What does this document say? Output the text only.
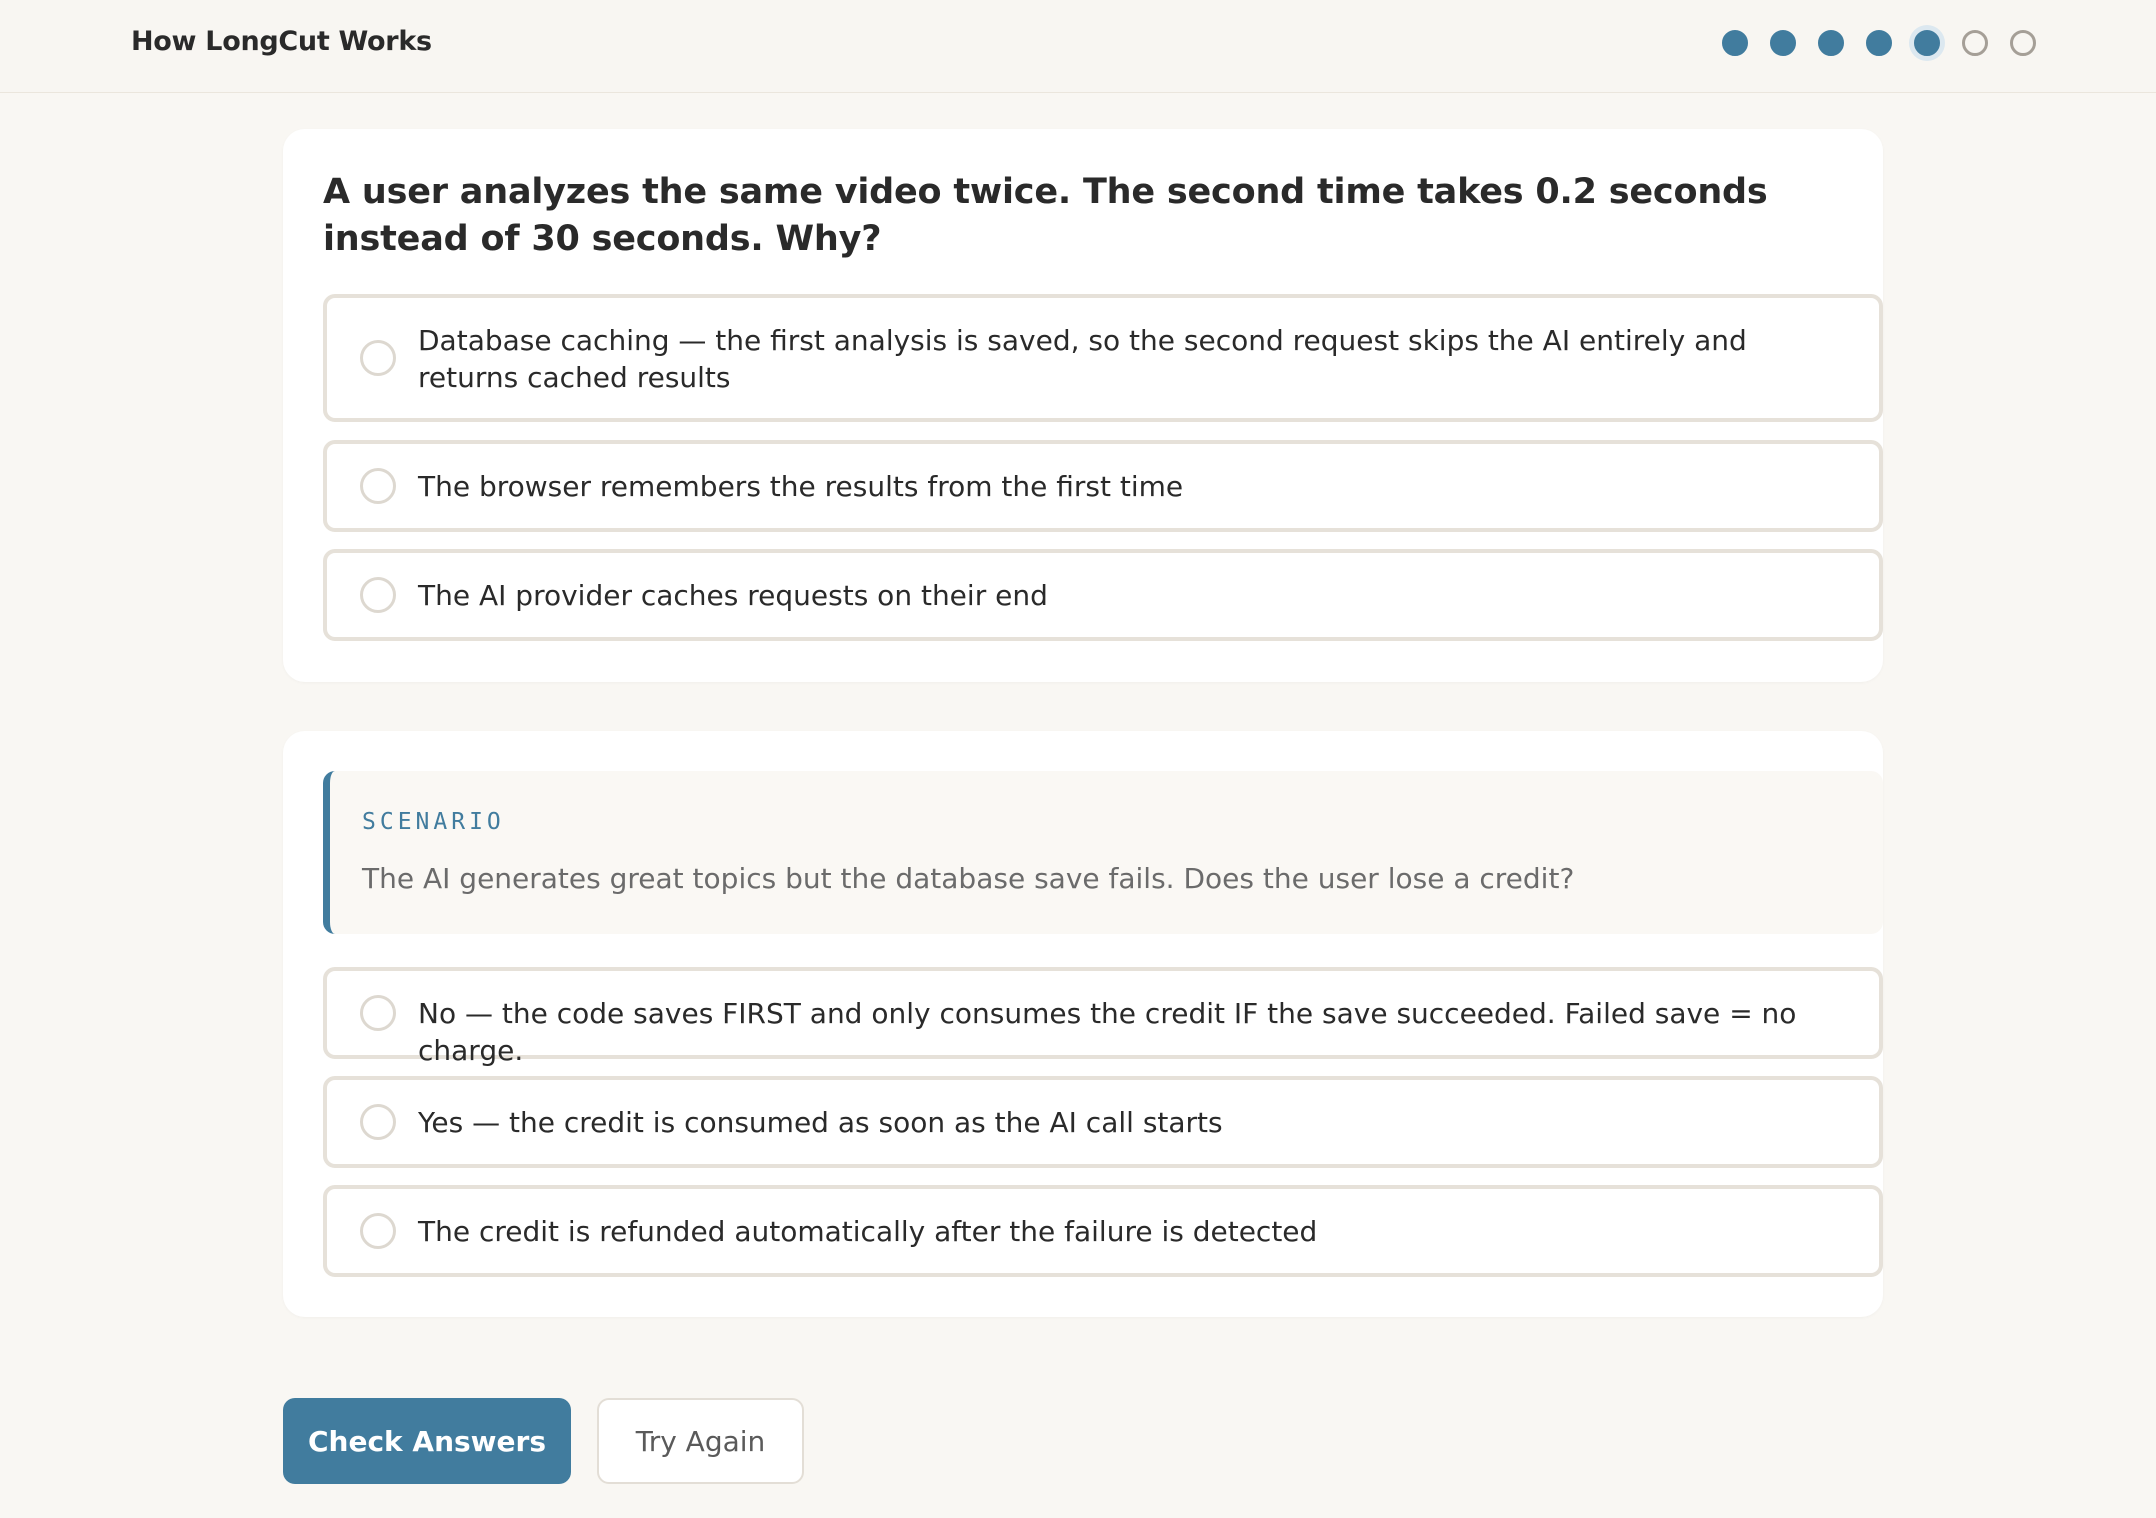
How LongCut Works
A user analyzes the same video twice. The second time takes 0.2 seconds instead of 30 seconds. Why?
Database caching — the first analysis is saved, so the second request skips the AI entirely and returns cached results
The browser remembers the results from the first time
The AI provider caches requests on their end
SCENARIO
The AI generates great topics but the database save fails. Does the user lose a credit?
No — the code saves FIRST and only consumes the credit IF the save succeeded. Failed save = no charge.
Yes — the credit is consumed as soon as the AI call starts
The credit is refunded automatically after the failure is detected
Check Answers	Try Again
